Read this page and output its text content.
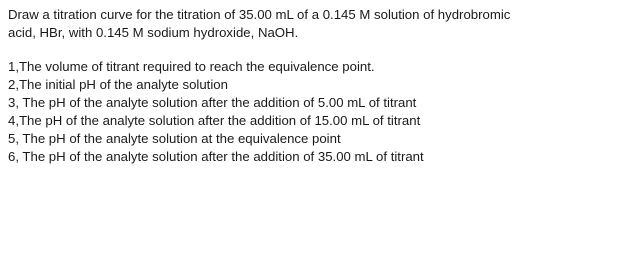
Draw a titration curve for the titration of 35.00 mL of a 0.145 M solution of hydrobromic

acid, HBr, with 0.145 M sodium hydroxide, NaOH.

1,The volume of titrant required to reach the equivalence point.
2,The initial pH of the analyte solution
3, The pH of the analyte solution after the addition of 5.00 mL of titrant
4,The pH of the analyte solution after the addition of 15.00 mL of titrant
5, The pH of the analyte solution at the equivalence point
6, The pH of the analyte solution after the addition of 35.00 mL of titrant
